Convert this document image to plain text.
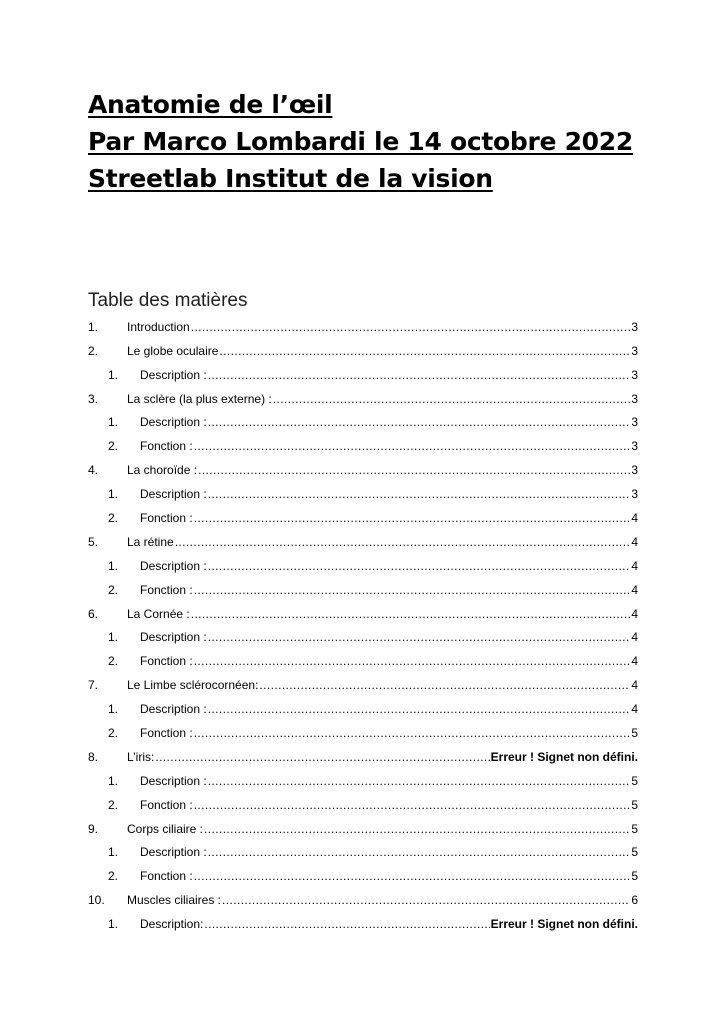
Anatomie de l’œil
Par Marco Lombardi le 14 octobre 2022
Streetlab Institut de la vision
Table des matières
1. Introduction .....	3
2. Le globe oculaire .....	3
1. Description : .....	3
3. La sclère (la plus externe) : .....	3
1. Description : .....	3
2. Fonction : .....	3
4. La choroïde : .....	3
1. Description : .....	3
2. Fonction : .....	4
5. La rétine .....	4
1. Description : .....	4
2. Fonction : .....	4
6. La Cornée : .....	4
1. Description : .....	4
2. Fonction : .....	4
7. Le Limbe sclérocornéen: .....	4
1. Description : .....	4
2. Fonction : .....	5
8. L’iris: .....	Erreur ! Signet non défini.
1. Description : .....	5
2. Fonction : .....	5
9. Corps ciliaire : .....	5
1. Description : .....	5
2. Fonction : .....	5
10. Muscles ciliaires : .....	6
1. Description: .....	Erreur ! Signet non défini.
